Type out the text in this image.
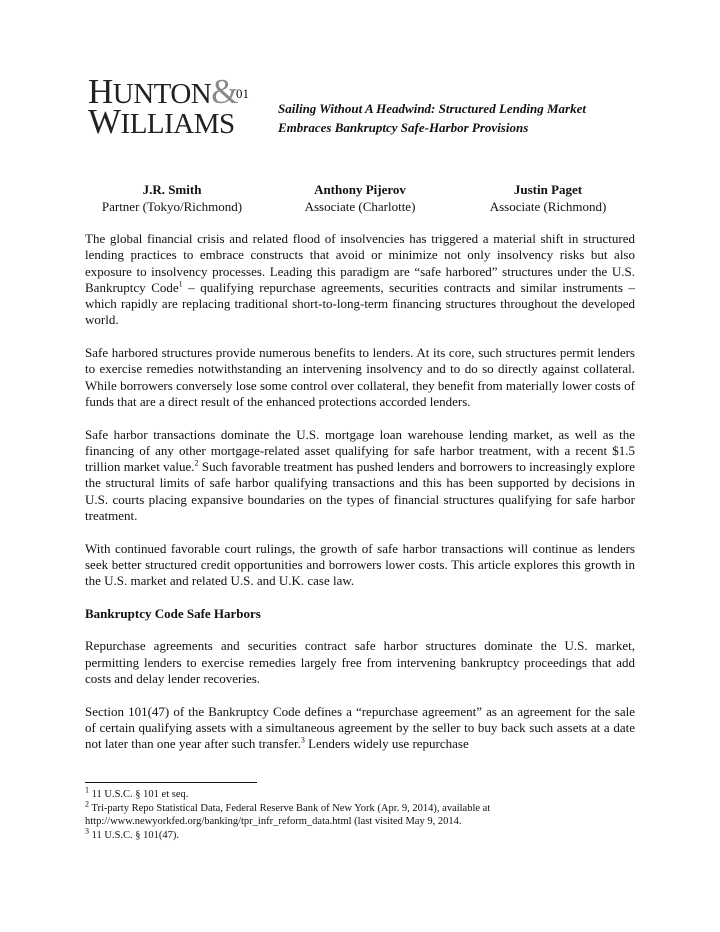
HUNTON&
WILLIAMS
01
Sailing Without A Headwind: Structured Lending Market
Embraces Bankruptcy Safe-Harbor Provisions
J.R. Smith
Partner (Tokyo/Richmond)
Anthony Pijerov
Associate (Charlotte)
Justin Paget
Associate (Richmond)

The global financial crisis and related flood of insolvencies has triggered a material shift in structured lending practices to embrace constructs that avoid or minimize not only insolvency risks but also exposure to insolvency processes. Leading this paradigm are “safe harbored” structures under the U.S. Bankruptcy Code$^1$ – qualifying repurchase agreements, securities contracts and similar instruments – which rapidly are replacing traditional short-to-long-term financing structures throughout the developed world.

Safe harbored structures provide numerous benefits to lenders. At its core, such structures permit lenders to exercise remedies notwithstanding an intervening insolvency and to do so directly against collateral. While borrowers conversely lose some control over collateral, they benefit from materially lower costs of funds that are a direct result of the enhanced protections accorded lenders.

Safe harbor transactions dominate the U.S. mortgage loan warehouse lending market, as well as the financing of any other mortgage-related asset qualifying for safe harbor treatment, with a recent $1.5 trillion market value.$^2$ Such favorable treatment has pushed lenders and borrowers to increasingly explore the structural limits of safe harbor qualifying transactions and this has been supported by decisions in U.S. courts placing expansive boundaries on the types of financial structures qualifying for safe harbor treatment.

With continued favorable court rulings, the growth of safe harbor transactions will continue as lenders seek better structured credit opportunities and borrowers lower costs. This article explores this growth in the U.S. market and related U.S. and U.K. case law.

Bankruptcy Code Safe Harbors

Repurchase agreements and securities contract safe harbor structures dominate the U.S. market, permitting lenders to exercise remedies largely free from intervening bankruptcy proceedings that add costs and delay lender recoveries.

Section 101(47) of the Bankruptcy Code defines a “repurchase agreement” as an agreement for the sale of certain qualifying assets with a simultaneous agreement by the seller to buy back such assets at a date not later than one year after such transfer.$^3$ Lenders widely use repurchase

$^1$ 11 U.S.C. § 101 et seq.
$^2$ Tri-party Repo Statistical Data, Federal Reserve Bank of New York (Apr. 9, 2014), available at
http://www.newyorkfed.org/banking/tpr_infr_reform_data.html (last visited May 9, 2014.
$^3$ 11 U.S.C. § 101(47).
